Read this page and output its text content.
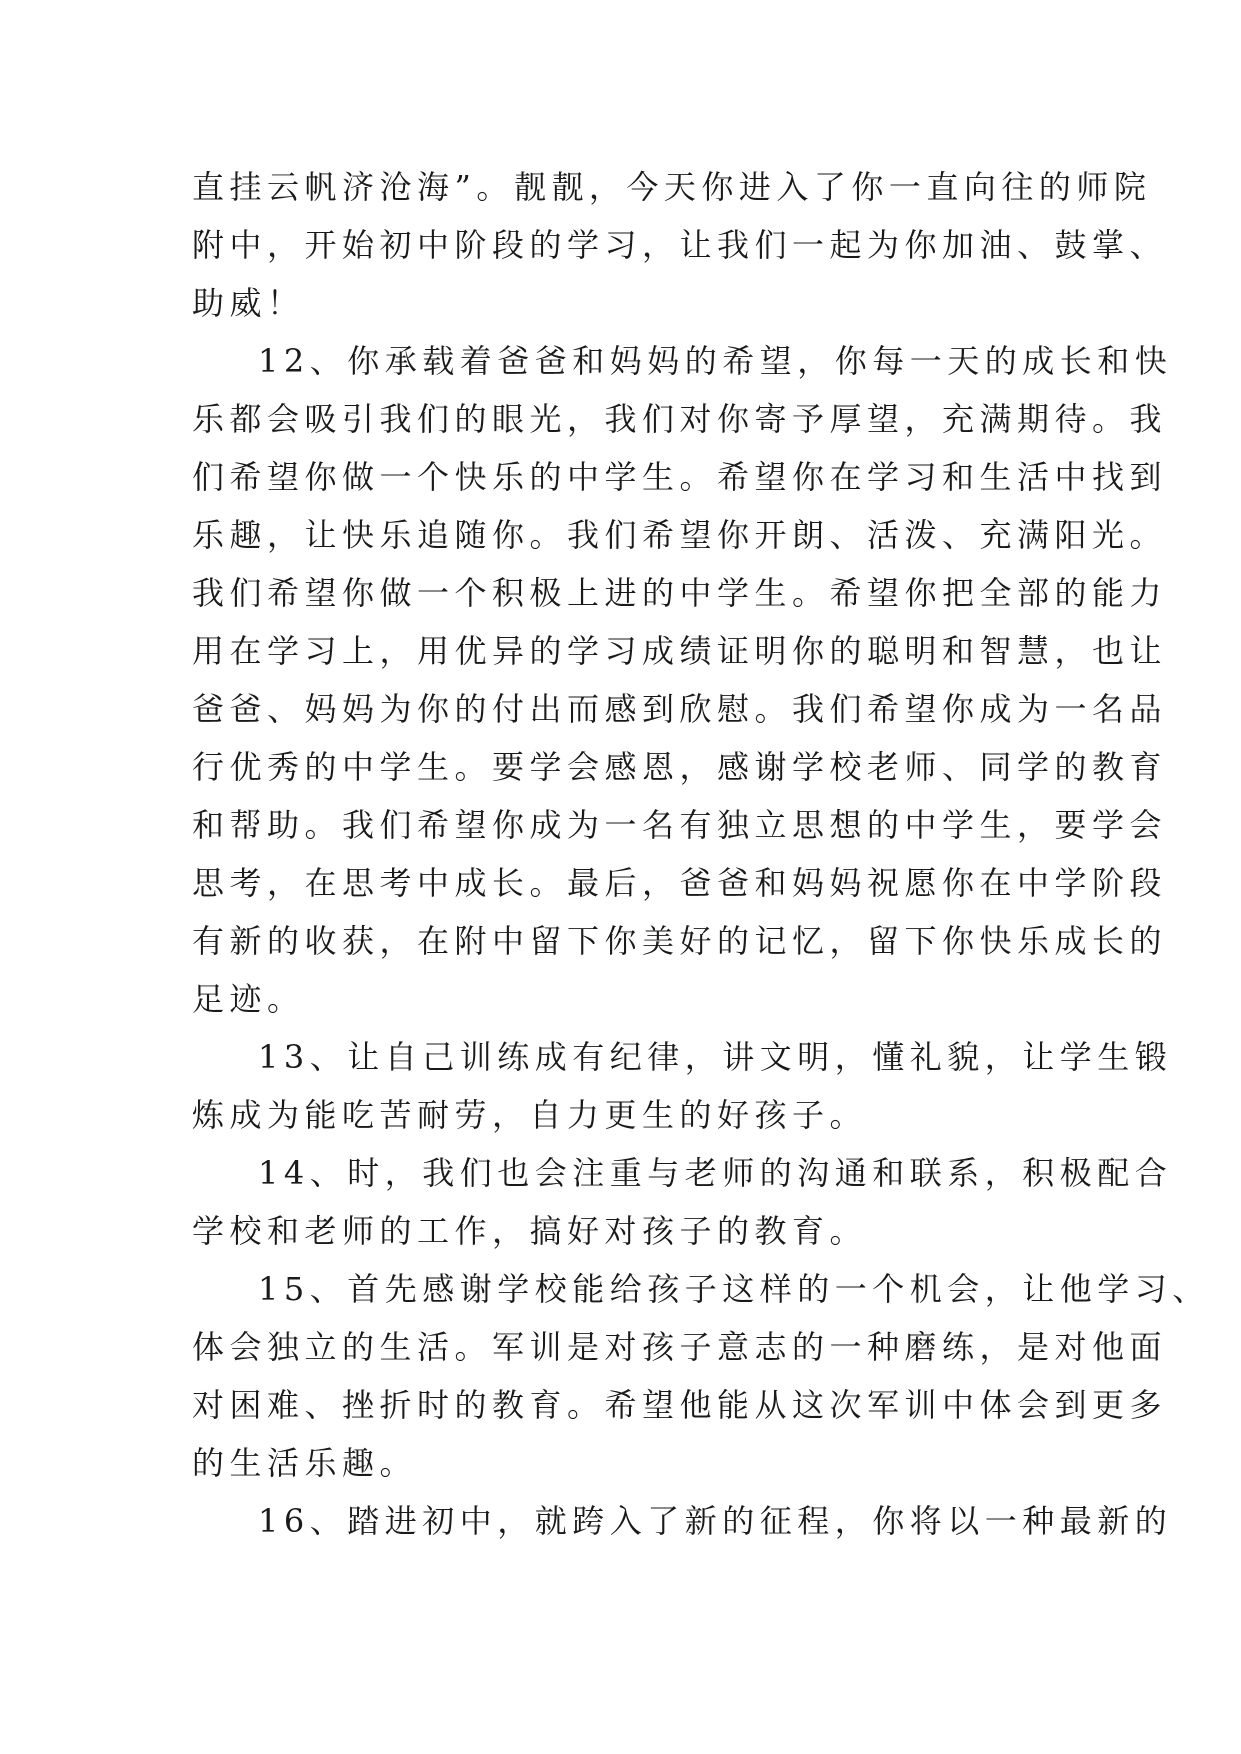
直挂云帆济沧海”。靓靓，今天你进入了你一直向往的师院
附中，开始初中阶段的学习，让我们一起为你加油、鼓掌、
助威！

12、你承载着爸爸和妈妈的希望，你每一天的成长和快
乐都会吸引我们的眼光，我们对你寄予厚望，充满期待。我
们希望你做一个快乐的中学生。希望你在学习和生活中找到
乐趣，让快乐追随你。我们希望你开朗、活泼、充满阳光。
我们希望你做一个积极上进的中学生。希望你把全部的能力
用在学习上，用优异的学习成绩证明你的聪明和智慧，也让
爸爸、妈妈为你的付出而感到欣慰。我们希望你成为一名品
行优秀的中学生。要学会感恩，感谢学校老师、同学的教育
和帮助。我们希望你成为一名有独立思想的中学生，要学会
思考，在思考中成长。最后，爸爸和妈妈祝愿你在中学阶段
有新的收获，在附中留下你美好的记忆，留下你快乐成长的
足迹。

13、让自己训练成有纪律，讲文明，懂礼貌，让学生锻
炼成为能吃苦耐劳，自力更生的好孩子。

14、时，我们也会注重与老师的沟通和联系，积极配合
学校和老师的工作，搞好对孩子的教育。

15、首先感谢学校能给孩子这样的一个机会，让他学习、
体会独立的生活。军训是对孩子意志的一种磨练，是对他面
对困难、挫折时的教育。希望他能从这次军训中体会到更多
的生活乐趣。

16、踏进初中，就跨入了新的征程，你将以一种最新的
